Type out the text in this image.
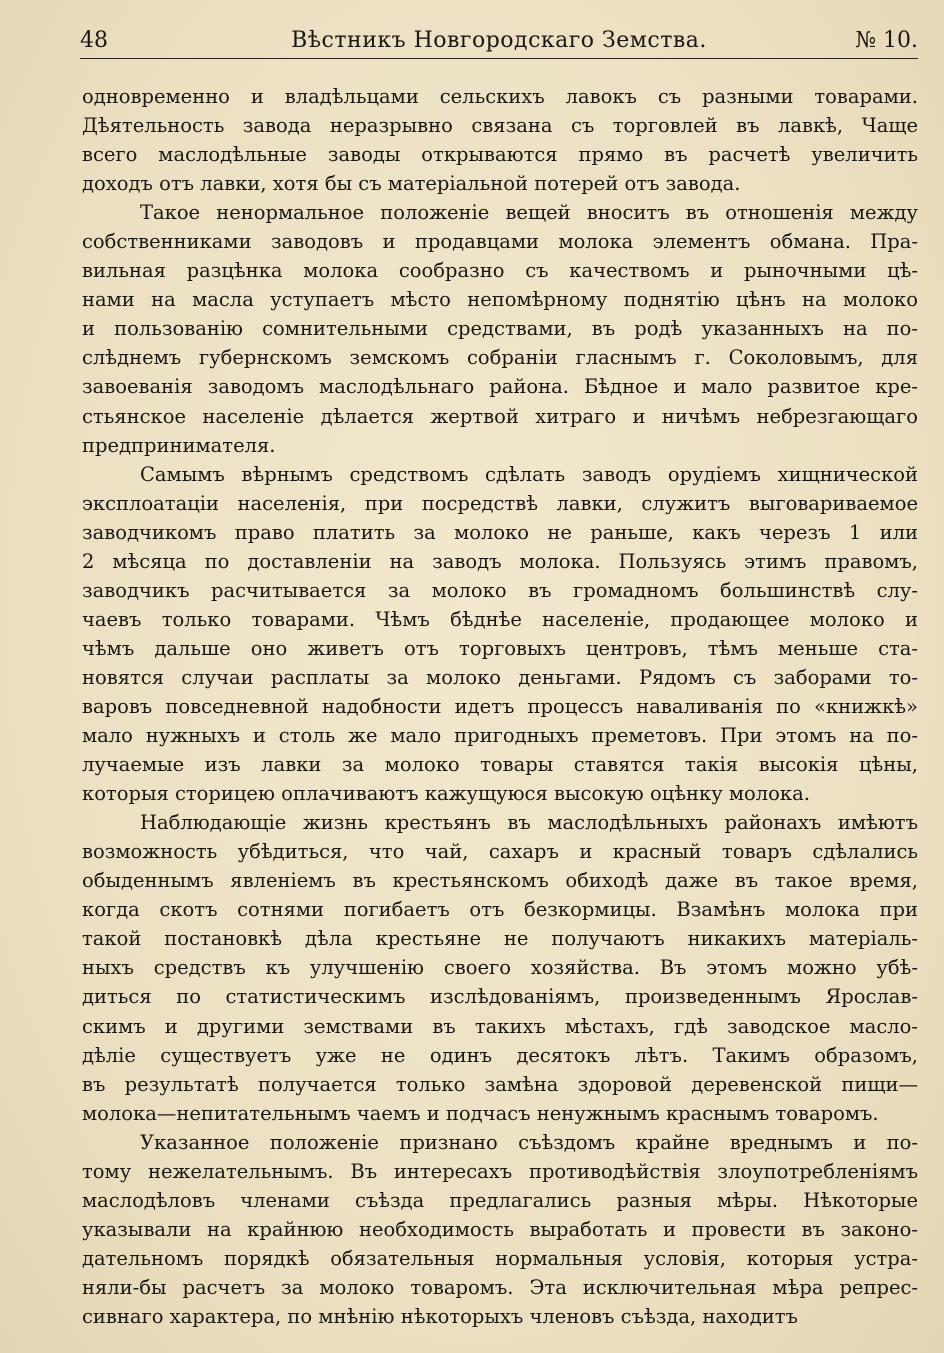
48	Вѣстникъ Новгородскаго Земства.	№ 10.
одновременно и владѣльцами сельскихъ лавокъ съ разными товарами.
Дѣятельность завода неразрывно связана съ торговлей въ лавкѣ, Чаще
всего маслодѣльные заводы открываются прямо въ расчетѣ увеличить
доходъ отъ лавки, хотя бы съ матеріальной потерей отъ завода.
Такое ненормальное положеніе вещей вноситъ въ отношенія между
собственниками заводовъ и продавцами молока элементъ обмана. Пра-
вильная разцѣнка молока сообразно съ качествомъ и рыночными цѣ-
нами на масла уступаетъ мѣсто непомѣрному поднятію цѣнъ на молоко
и пользованію сомнительными средствами, въ родѣ указанныхъ на по-
слѣднемъ губернскомъ земскомъ собраніи гласнымъ г. Соколовымъ, для
завоеванія заводомъ маслодѣльнаго района. Бѣдное и мало развитое кре-
стьянское населеніе дѣлается жертвой хитраго и ничѣмъ небрезгающаго
предпринимателя.
Самымъ вѣрнымъ средствомъ сдѣлать заводъ орудіемъ хищнической
эксплоатаціи населенія, при посредствѣ лавки, служитъ выговариваемое
заводчикомъ право платить за молоко не раньше, какъ черезъ 1 или
2 мѣсяца по доставленіи на заводъ молока. Пользуясь этимъ правомъ,
заводчикъ расчитывается за молоко въ громадномъ большинствѣ слу-
чаевъ только товарами. Чѣмъ бѣднѣе населеніе, продающее молоко и
чѣмъ дальше оно живетъ отъ торговыхъ центровъ, тѣмъ меньше ста-
новятся случаи расплаты за молоко деньгами. Рядомъ съ заборами то-
варовъ повседневной надобности идетъ процессъ наваливанія по «книжкѣ»
мало нужныхъ и столь же мало пригодныхъ преметовъ. При этомъ на по-
лучаемые изъ лавки за молоко товары ставятся такія высокія цѣны,
которыя сторицею оплачиваютъ кажущуюся высокую оцѣнку молока.
Наблюдающіе жизнь крестьянъ въ маслодѣльныхъ районахъ имѣютъ
возможность убѣдиться, что чай, сахаръ и красный товаръ сдѣлались
обыденнымъ явленіемъ въ крестьянскомъ обиходѣ даже въ такое время,
когда скотъ сотнями погибаетъ отъ безкормицы. Взамѣнъ молока при
такой постановкѣ дѣла крестьяне не получаютъ никакихъ матеріаль-
ныхъ средствъ къ улучшенію своего хозяйства. Въ этомъ можно убѣ-
диться по статистическимъ изслѣдованіямъ, произведеннымъ Ярослав-
скимъ и другими земствами въ такихъ мѣстахъ, гдѣ заводское масло-
дѣліе существуетъ уже не одинъ десятокъ лѣтъ. Такимъ образомъ,
въ результатѣ получается только замѣна здоровой деревенской пищи—
молока—непитательнымъ чаемъ и подчасъ ненужнымъ краснымъ товаромъ.
Указанное положеніе признано съѣздомъ крайне вреднымъ и по-
тому нежелательнымъ. Въ интересахъ противодѣйствія злоупотребленіямъ
маслодѣловъ членами съѣзда предлагались разныя мѣры. Нѣкоторые
указывали на крайнюю необходимость выработать и провести въ законо-
дательномъ порядкѣ обязательныя нормальныя условія, которыя устра-
няли-бы расчетъ за молоко товаромъ. Эта исключительная мѣра репрес-
сивнаго характера, по мнѣнію нѣкоторыхъ членовъ съѣзда, находитъ
